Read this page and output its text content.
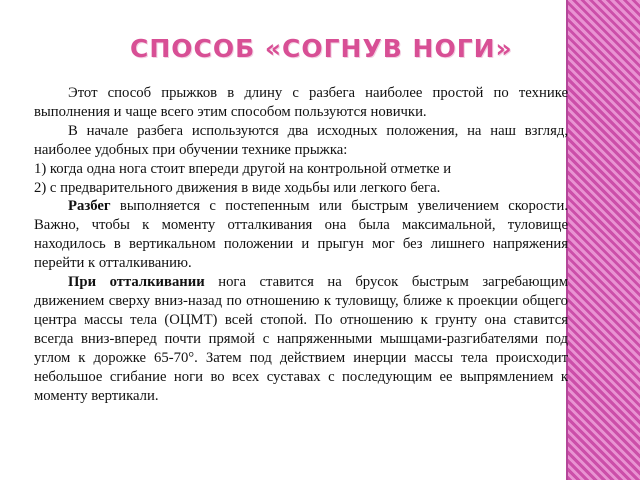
СПОСОБ «СОГНУВ НОГИ»

Этот способ прыжков в длину с разбега наиболее простой по технике выполнения и чаще всего этим способом пользуются новички.

В начале разбега используются два исходных положения, на наш взгляд, наиболее удобных при обучении технике прыжка:

1) когда одна нога стоит впереди другой на контрольной отметке и

2) с предварительного движения в виде ходьбы или легкого бега.

Разбег выполняется с постепенным или быстрым увеличением скорости. Важно, чтобы к моменту отталкивания она была максимальной, туловище находилось в вертикальном положении и прыгун мог без лишнего напряжения перейти к отталкиванию.

При отталкивании нога ставится на брусок быстрым загребающим движением сверху вниз-назад по отношению к туловищу, ближе к проекции общего центра массы тела (ОЦМТ) всей стопой. По отношению к грунту она ставится всегда вниз-вперед почти прямой с напряженными мышцами-разгибателями под углом к дорожке 65-70°. Затем под действием инерции массы тела происходит небольшое сгибание ноги во всех суставах с последующим ее выпрямлением к моменту вертикали.
